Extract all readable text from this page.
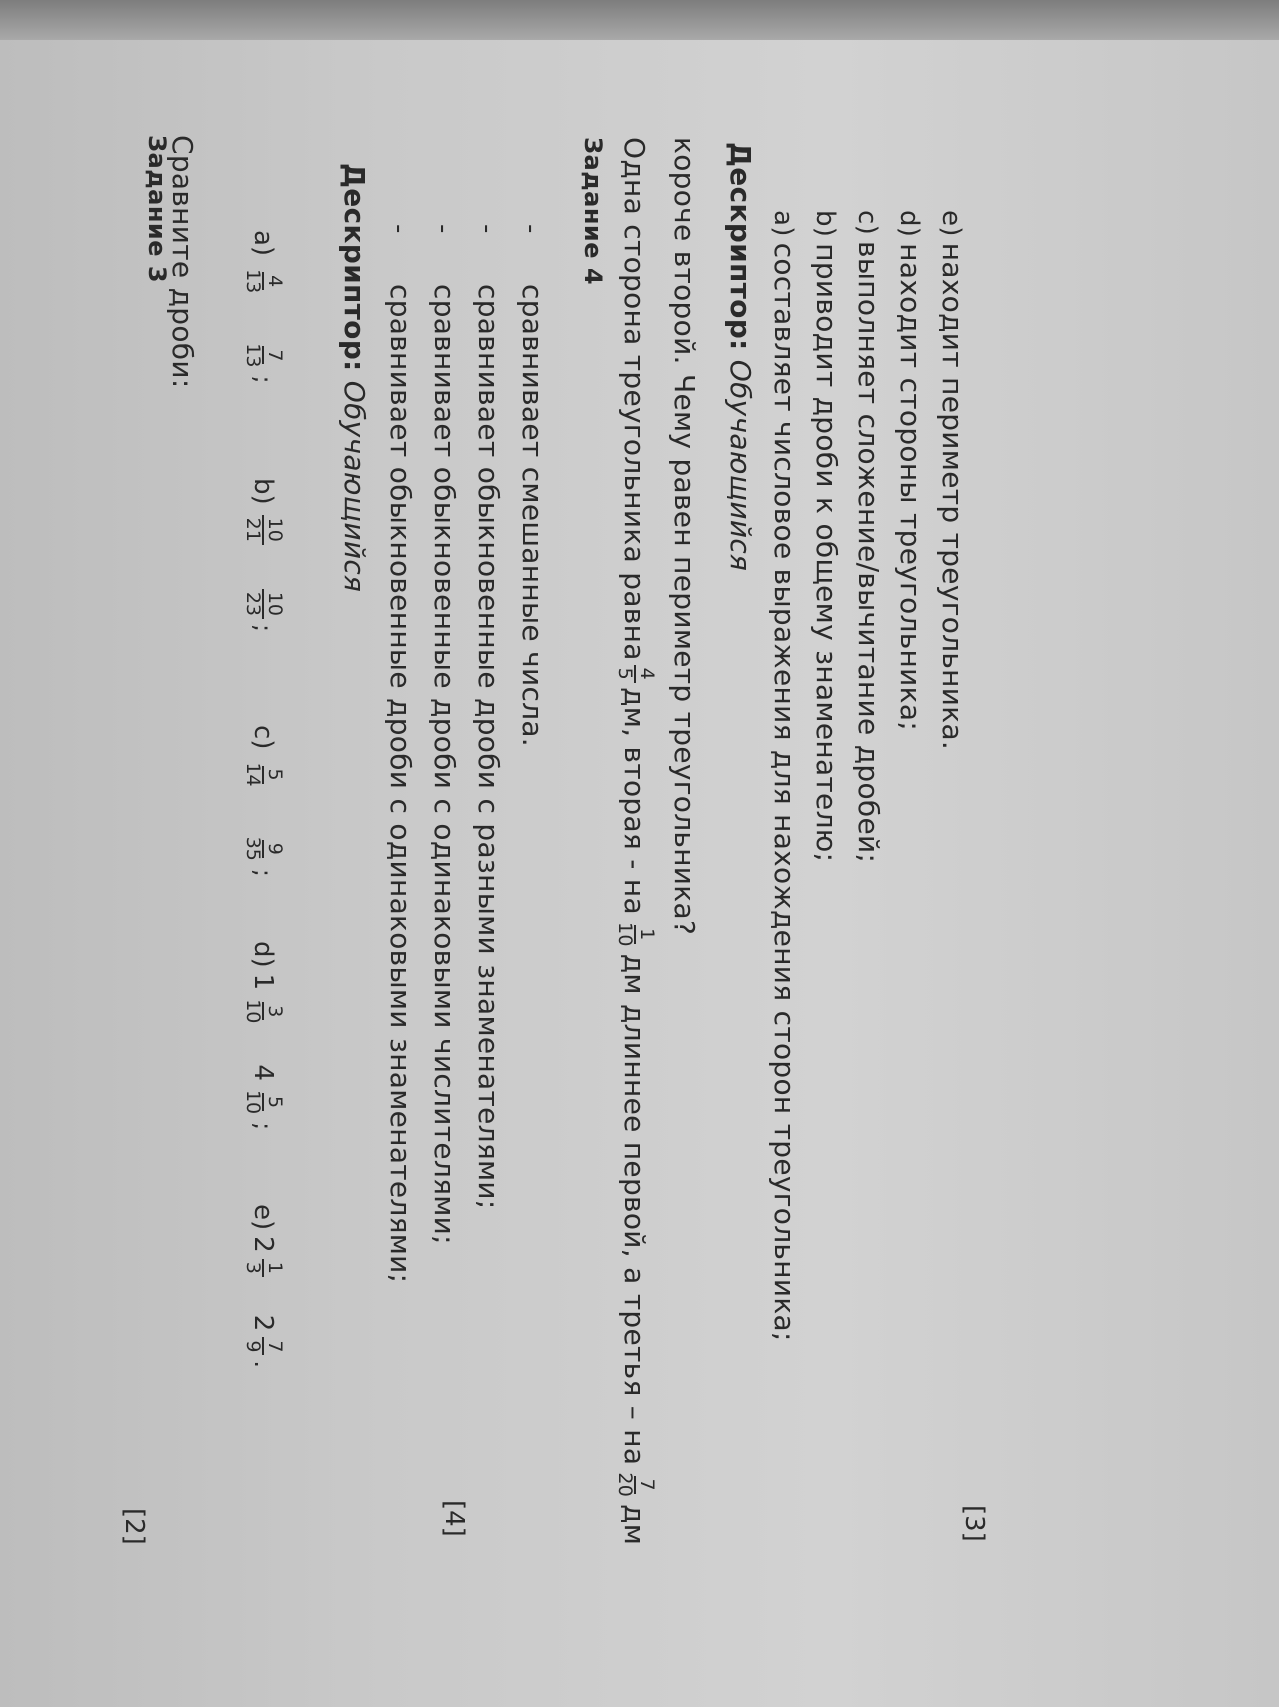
Задание 3
Сравните дроби:
[2]
a)
4
13
7
13
;
b)
10
21
10
23
;
c)
5
14
9
35
;
d)
1
3
10
4
5
10
;
e)
2
1
3
2
7
9
.
Дескриптор: Обучающийся
-сравнивает обыкновенные дроби с одинаковыми знаменателями;
-сравнивает обыкновенные дроби с одинаковыми числителями;
-сравнивает обыкновенные дроби с разными знаменателями;
-сравнивает смешанные числа.
[4]
Задание 4 Одна сторона треугольника равна
4
5
дм, вторая - на
1
10
дм длиннее первой, а третья – на
7
20
дм
короче второй. Чему равен периметр треугольника? Дескриптор: Обучающийся
a)составляет числовое выражения для нахождения сторон треугольника;
b)приводит дроби к общему знаменателю;
c)выполняет сложение/вычитание дробей;
d)находит стороны треугольника;
e)находит периметр треугольника.
[3]
